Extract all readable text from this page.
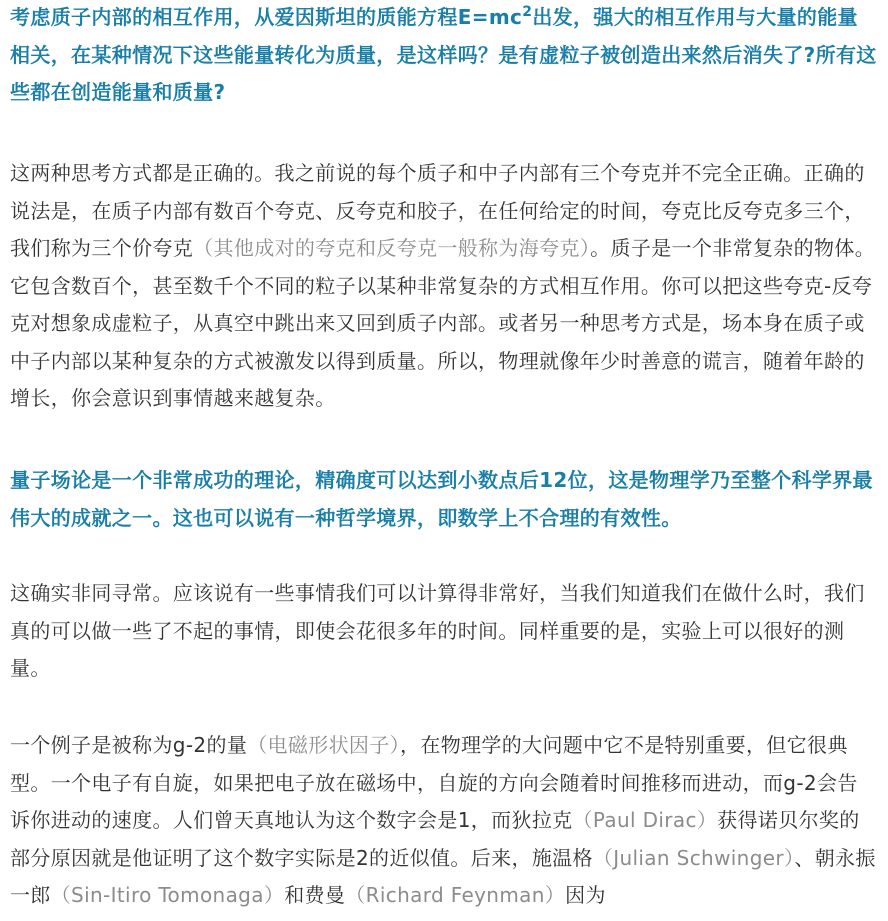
考虑质子内部的相互作用，从爱因斯坦的质能方程$E=mc^2$出发，强大的相互作用与大量的能量相关，在某种情况下这些能量转化为质量，是这样吗？是有虚粒子被创造出来然后消失了?所有这些都在创造能量和质量?

这两种思考方式都是正确的。我之前说的每个质子和中子内部有三个夸克并不完全正确。正确的说法是，在质子内部有数百个夸克、反夸克和胶子，在任何给定的时间，夸克比反夸克多三个，我们称为三个价夸克（其他成对的夸克和反夸克一般称为海夸克）。质子是一个非常复杂的物体。它包含数百个，甚至数千个不同的粒子以某种非常复杂的方式相互作用。你可以把这些夸克-反夸克对想象成虚粒子，从真空中跳出来又回到质子内部。或者另一种思考方式是，场本身在质子或中子内部以某种复杂的方式被激发以得到质量。所以，物理就像年少时善意的谎言，随着年龄的增长，你会意识到事情越来越复杂。

量子场论是一个非常成功的理论，精确度可以达到小数点后12位，这是物理学乃至整个科学界最伟大的成就之一。这也可以说有一种哲学境界，即数学上不合理的有效性。

这确实非同寻常。应该说有一些事情我们可以计算得非常好，当我们知道我们在做什么时，我们真的可以做一些了不起的事情，即使会花很多年的时间。同样重要的是，实验上可以很好的测量。

一个例子是被称为g-2的量（电磁形状因子），在物理学的大问题中它不是特别重要，但它很典型。一个电子有自旋，如果把电子放在磁场中，自旋的方向会随着时间推移而进动，而g-2会告诉你进动的速度。人们曾天真地认为这个数字会是1，而狄拉克（Paul Dirac）获得诺贝尔奖的部分原因就是他证明了这个数字实际是2的近似值。后来，施温格（Julian Schwinger）、朝永振一郎（Sin-Itiro Tomonaga）和费曼（Richard Feynman）因为
